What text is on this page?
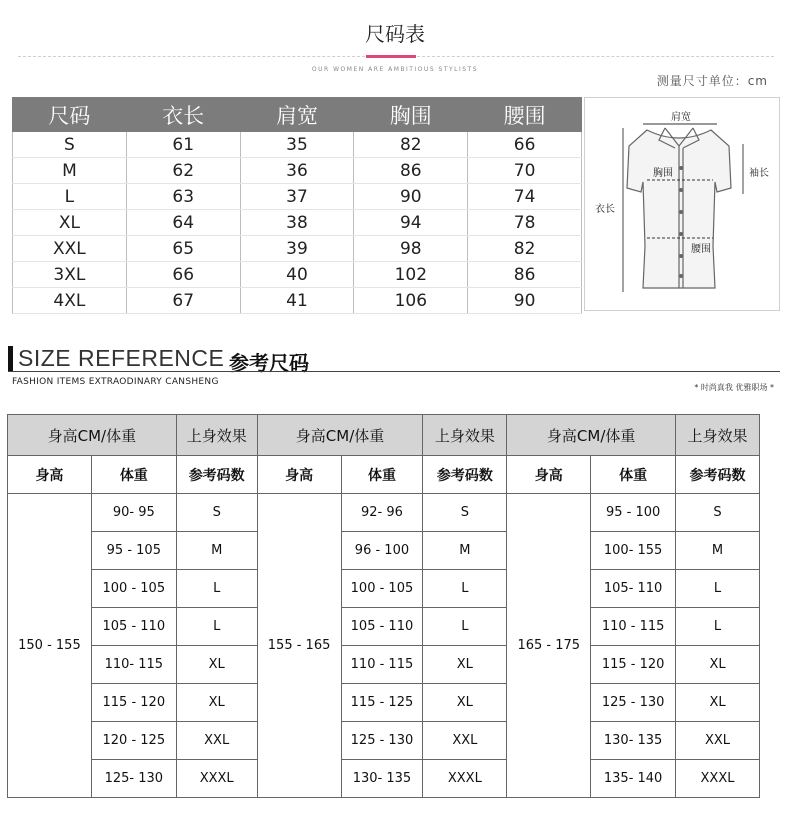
尺码表
OUR WOMEN ARE AMBITIOUS STYLISTS
测量尺寸单位：cm
尺码	衣长	肩宽	胸围	腰围
S	61	35	82	66
M	62	36	86	70
L	63	37	90	74
XL	64	38	94	78
XXL	65	39	98	82
3XL	66	40	102	86
4XL	67	41	106	90
肩宽
胸围	袖长
衣长
腰围
SIZE REFERENCE 参考尺码
FASHION ITEMS EXTRAODINARY CANSHENG
* 时尚真我 优雅职场 *
身高CM/体重		上身效果	身高CM/体重		上身效果	身高CM/体重		上身效果
身高	体重	参考码数	身高	体重	参考码数	身高	体重	参考码数
150 - 155	90- 95	S	155 - 165	92- 96	S	165 - 175	95 - 100	S
	95 - 105	M		96 - 100	M		100- 155	M
	100 - 105	L		100 - 105	L		105- 110	L
	105 - 110	L		105 - 110	L		110 - 115	L
	110- 115	XL		110 - 115	XL		115 - 120	XL
	115 - 120	XL		115 - 125	XL		125 - 130	XL
	120 - 125	XXL		125 - 130	XXL		130- 135	XXL
	125- 130	XXXL		130- 135	XXXL		135- 140	XXXL
